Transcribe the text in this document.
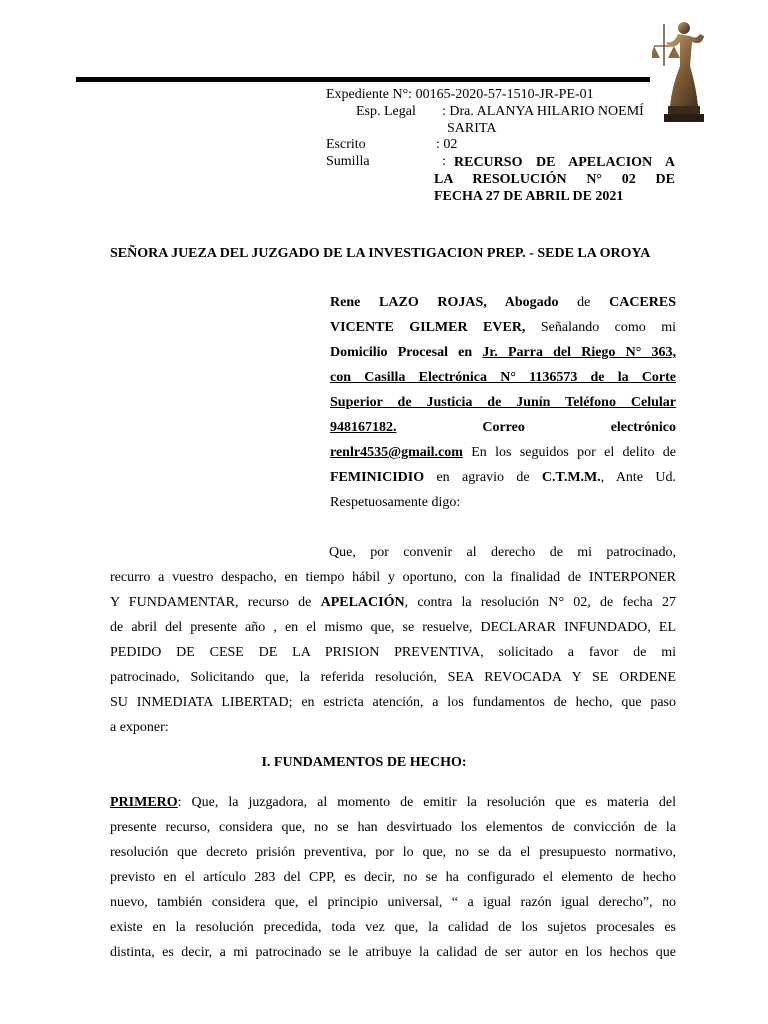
Expediente N°: 00165-2020-57-1510-JR-PE-01
Esp. Legal : Dra. ALANYA HILARIO NOEMÍ
SARITA
Escrito	: 02
Sumilla	: RECURSO DE APELACION A
LA RESOLUCIÓN N° 02 DE
FECHA 27 DE ABRIL DE 2021
SEÑORA JUEZA DEL JUZGADO DE LA INVESTIGACION PREP. - SEDE LA OROYA
Rene LAZO ROJAS, Abogado de CACERES
VICENTE GILMER EVER, Señalando como mi
Domicilio Procesal en Jr. Parra del Riego N° 363,
con Casilla Electrónica N° 1136573 de la Corte
Superior de Justicia de Junín Teléfono Celular
948167182. Correo electrónico
renlr4535@gmail.com En los seguidos por el delito de
FEMINICIDIO en agravio de C.T.M.M., Ante Ud.
Respetuosamente digo:
Que, por convenir al derecho de mi patrocinado,
recurro a vuestro despacho, en tiempo hábil y oportuno, con la finalidad de INTERPONER
Y FUNDAMENTAR, recurso de APELACIÓN, contra la resolución N° 02, de fecha 27
de abril del presente año , en el mismo que, se resuelve, DECLARAR INFUNDADO, EL
PEDIDO DE CESE DE LA PRISION PREVENTIVA, solicitado a favor de mi
patrocinado, Solicitando que, la referida resolución, SEA REVOCADA Y SE ORDENE
SU INMEDIATA LIBERTAD; en estricta atención, a los fundamentos de hecho, que paso
a exponer:
I. FUNDAMENTOS DE HECHO:
PRIMERO: Que, la juzgadora, al momento de emitir la resolución que es materia del
presente recurso, considera que, no se han desvirtuado los elementos de convicción de la
resolución que decreto prisión preventiva, por lo que, no se da el presupuesto normativo,
previsto en el artículo 283 del CPP, es decir, no se ha configurado el elemento de hecho
nuevo, también considera que, el principio universal, “ a igual razón igual derecho”, no
existe en la resolución precedida, toda vez que, la calidad de los sujetos procesales es
distinta, es decir, a mi patrocinado se le atribuye la calidad de ser autor en los hechos que
